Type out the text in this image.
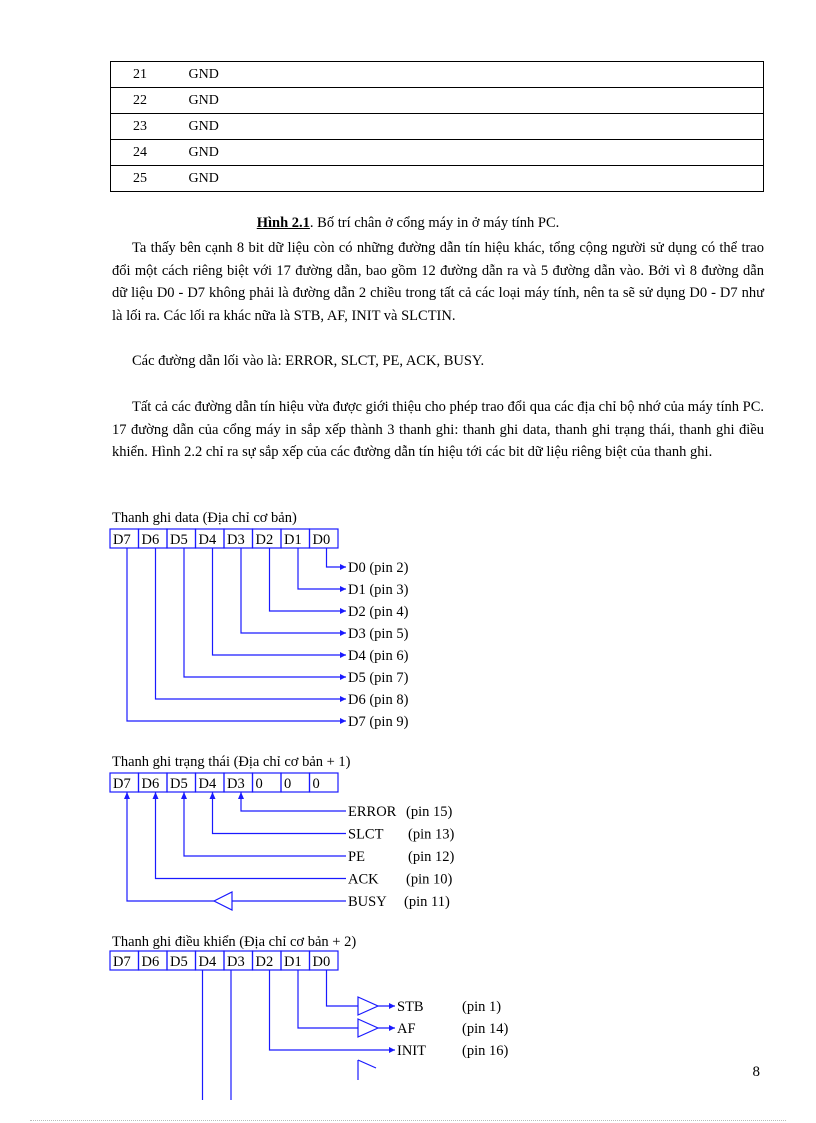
21	GND
22	GND
23	GND
24	GND
25	GND
Hình 2.1. Bố trí chân ở cổng máy in ở máy tính PC.

Ta thấy bên cạnh 8 bit dữ liệu còn có những đường dẫn tín hiệu khác, tổng cộng người sử dụng có thể trao đổi một cách riêng biệt với 17 đường dẫn, bao gồm 12 đường dẫn ra và 5 đường dẫn vào. Bởi vì 8 đường dẫn dữ liệu D0 - D7 không phải là đường dẫn 2 chiều trong tất cả các loại máy tính, nên ta sẽ sử dụng D0 - D7 như là lối ra. Các lối ra khác nữa là STB, AF, INIT và SLCTIN.

Các đường dẫn lối vào là: ERROR, SLCT, PE, ACK, BUSY.

Tất cả các đường dẫn tín hiệu vừa được giới thiệu cho phép trao đổi qua các địa chỉ bộ nhớ của máy tính PC. 17 đường dẫn của cổng máy in sắp xếp thành 3 thanh ghi: thanh ghi data, thanh ghi trạng thái, thanh ghi điều khiển. Hình 2.2 chỉ ra sự sắp xếp của các đường dẫn tín hiệu tới các bit dữ liệu riêng biệt của thanh ghi.

Thanh ghi data (Địa chỉ cơ bản)
D7 D6 D5 D4 D3 D2 D1 D0
D0 (pin 2)
D1 (pin 3)
D2 (pin 4)
D3 (pin 5)
D4 (pin 6)
D5 (pin 7)
D6 (pin 8)
D7 (pin 9)
Thanh ghi trạng thái (Địa chỉ cơ bản + 1)
D7 D6 D5 D4 D3 0 0 0
ERROR (pin 15)
SLCT (pin 13)
PE	(pin 12)
ACK (pin 10)
BUSY (pin 11)
Thanh ghi điều khiển (Địa chỉ cơ bản + 2)
D7 D6 D5 D4 D3 D2 D1 D0
STB	(pin 1)
AF	(pin 14)
INIT (pin 16)
8
